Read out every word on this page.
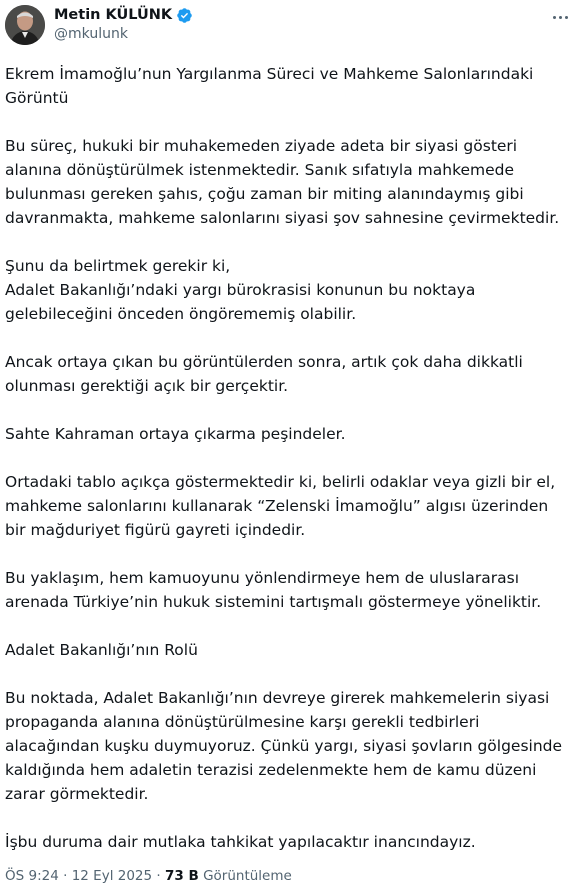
Metin KÜLÜNK
@mkulunk

Ekrem İmamoğlu’nun Yargılanma Süreci ve Mahkeme Salonlarındaki Görüntü

Bu süreç, hukuki bir muhakemeden ziyade adeta bir siyasi gösteri alanına dönüştürülmek istenmektedir. Sanık sıfatıyla mahkemede bulunması gereken şahıs, çoğu zaman bir miting alanındaymış gibi davranmakta, mahkeme salonlarını siyasi şov sahnesine çevirmektedir.

Şunu da belirtmek gerekir ki,
Adalet Bakanlığı’ndaki yargı bürokrasisi konunun bu noktaya gelebileceğini önceden öngörememiş olabilir.

Ancak ortaya çıkan bu görüntülerden sonra, artık çok daha dikkatli olunması gerektiği açık bir gerçektir.

Sahte Kahraman ortaya çıkarma peşindeler.

Ortadaki tablo açıkça göstermektedir ki, belirli odaklar veya gizli bir el, mahkeme salonlarını kullanarak “Zelenski İmamoğlu” algısı üzerinden bir mağduriyet figürü gayreti içindedir.

Bu yaklaşım, hem kamuoyunu yönlendirmeye hem de uluslararası arenada Türkiye’nin hukuk sistemini tartışmalı göstermeye yöneliktir.

Adalet Bakanlığı’nın Rolü

Bu noktada, Adalet Bakanlığı’nın devreye girerek mahkemelerin siyasi propaganda alanına dönüştürülmesine karşı gerekli tedbirleri alacağından kuşku duymuyoruz. Çünkü yargı, siyasi şovların gölgesinde kaldığında hem adaletin terazisi zedelenmekte hem de kamu düzeni zarar görmektedir.

İşbu duruma dair mutlaka tahkikat yapılacaktır inancındayız.

ÖS 9:24 · 12 Eyl 2025 · 73 B Görüntüleme
